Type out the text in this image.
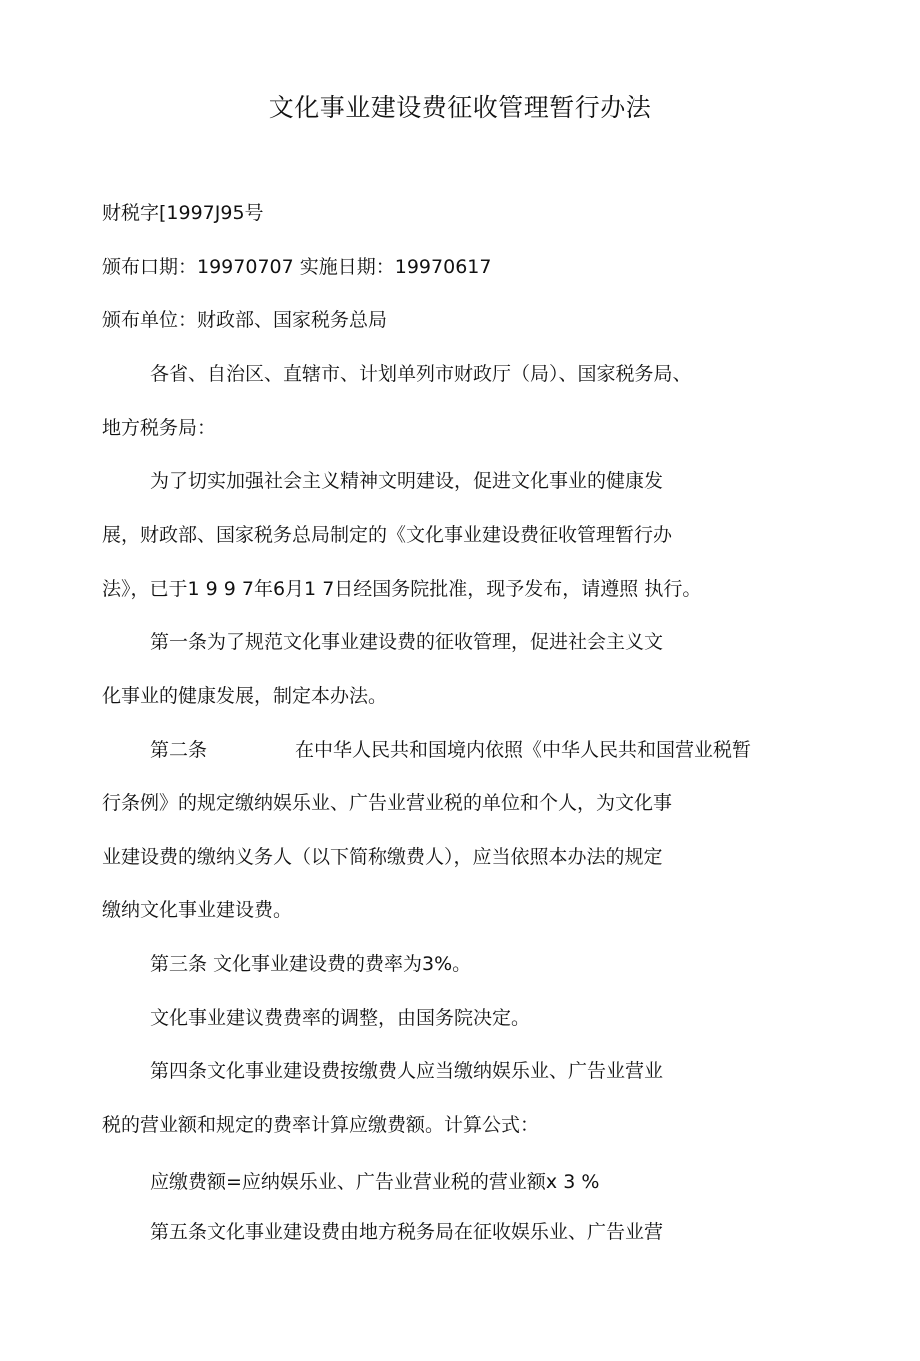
文化事业建设费征收管理暂行办法
财税字[1997J95号
颁布口期：19970707 实施日期：19970617
颁布单位：财政部、国家税务总局
各省、自治区、直辖市、计划单列市财政厅（局）、国家税务局、
地方税务局：
为了切实加强社会主义精神文明建设，促进文化事业的健康发
展，财政部、国家税务总局制定的《文化事业建设费征收管理暂行办
法》，已于1 9 9 7年6月1 7日经国务院批准，现予发布，请遵照 执行。
第一条为了规范文化事业建设费的征收管理，促进社会主义文
化事业的健康发展，制定本办法。
第二条	在中华人民共和国境内依照《中华人民共和国营业税暂
行条例》的规定缴纳娱乐业、广告业营业税的单位和个人，为文化事
业建设费的缴纳义务人（以下简称缴费人），应当依照本办法的规定
缴纳文化事业建设费。
第三条 文化事业建设费的费率为3%。
文化事业建议费费率的调整，由国务院决定。
第四条文化事业建设费按缴费人应当缴纳娱乐业、广告业营业
税的营业额和规定的费率计算应缴费额。计算公式：
应缴费额=应纳娱乐业、广告业营业税的营业额x 3 %
第五条文化事业建设费由地方税务局在征收娱乐业、广告业营
